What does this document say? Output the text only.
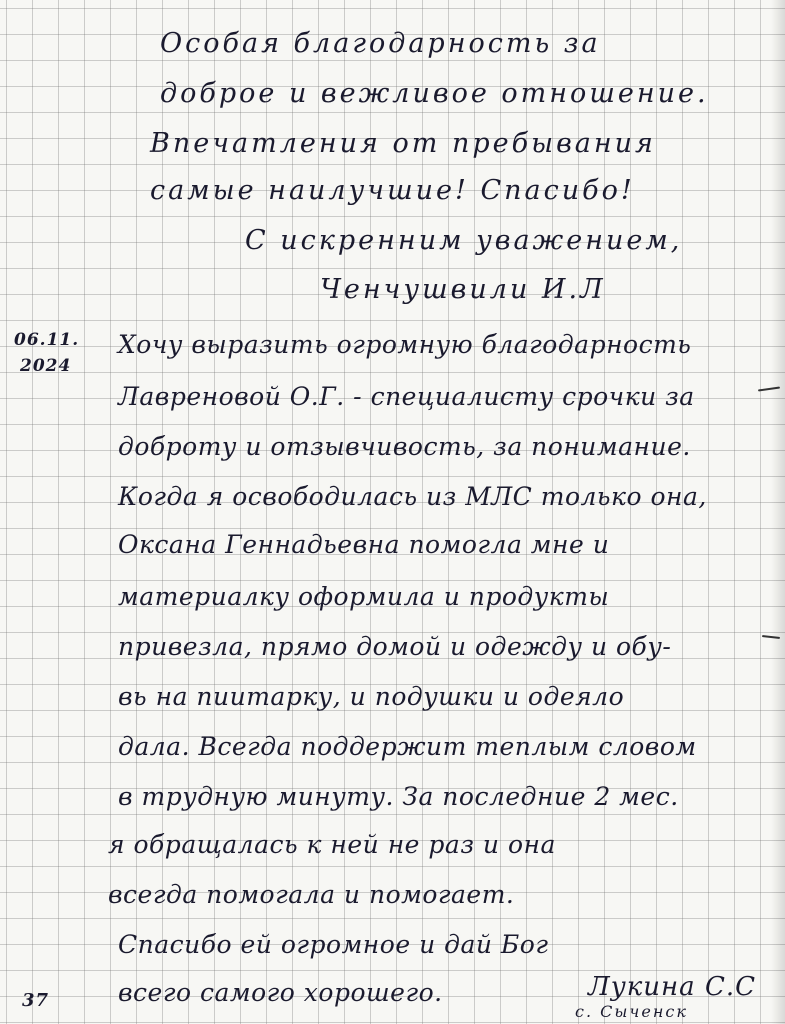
Особая благодарность за
доброе и вежливое отношение.
Впечатления от пребывания
самые наилучшие! Спасибо!
С искренним уважением,
Ченчушвили И.Л
06.11.
2024
Хочу выразить огромную благодарность
Лавреновой О.Г. - специалисту срочки за
доброту и отзывчивость, за понимание.
Когда я освободилась из МЛС только она,
Оксана Геннадьевна помогла мне и
материалку оформила и продукты
привезла, прямо домой и одежду и обу-
вь на пиитарку, и подушки и одеяло
дала. Всегда поддержит теплым словом
в трудную минуту. За последние 2 мес.
я обращалась к ней не раз и она
всегда помогала и помогает.
Спасибо ей огромное и дай Бог
всего самого хорошего.	Лукина С.С
с. Сыченск
37
